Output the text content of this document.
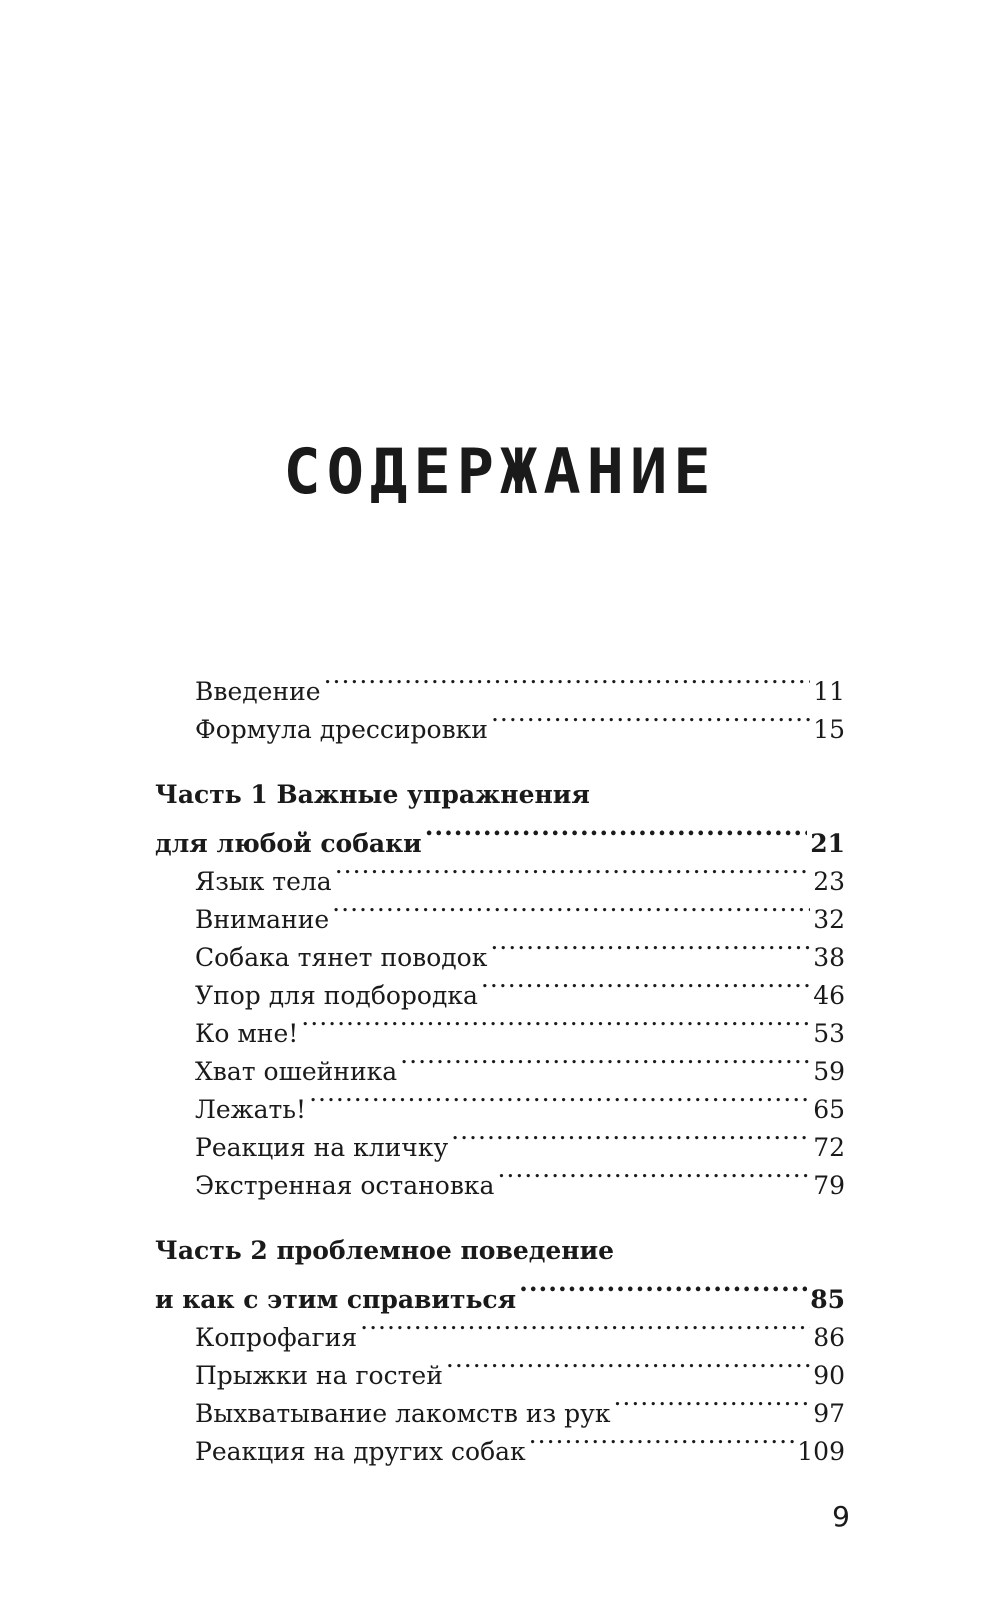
СОДЕРЖАНИЕ
Введение .....	11
Формула дрессировки .....	15
Часть 1 Важные упражнения
для любой собаки .....	21
Язык тела .....	23
Внимание .....	32
Собака тянет поводок .....	38
Упор для подбородка .....	46
Ко мне! .....	53
Хват ошейника .....	59
Лежать! .....	65
Реакция на кличку .....	72
Экстренная остановка .....	79
Часть 2 проблемное поведение
и как с этим справиться .....	85
Копрофагия .....	86
Прыжки на гостей .....	90
Выхватывание лакомств из рук .....	97
Реакция на других собак .....	109
9
